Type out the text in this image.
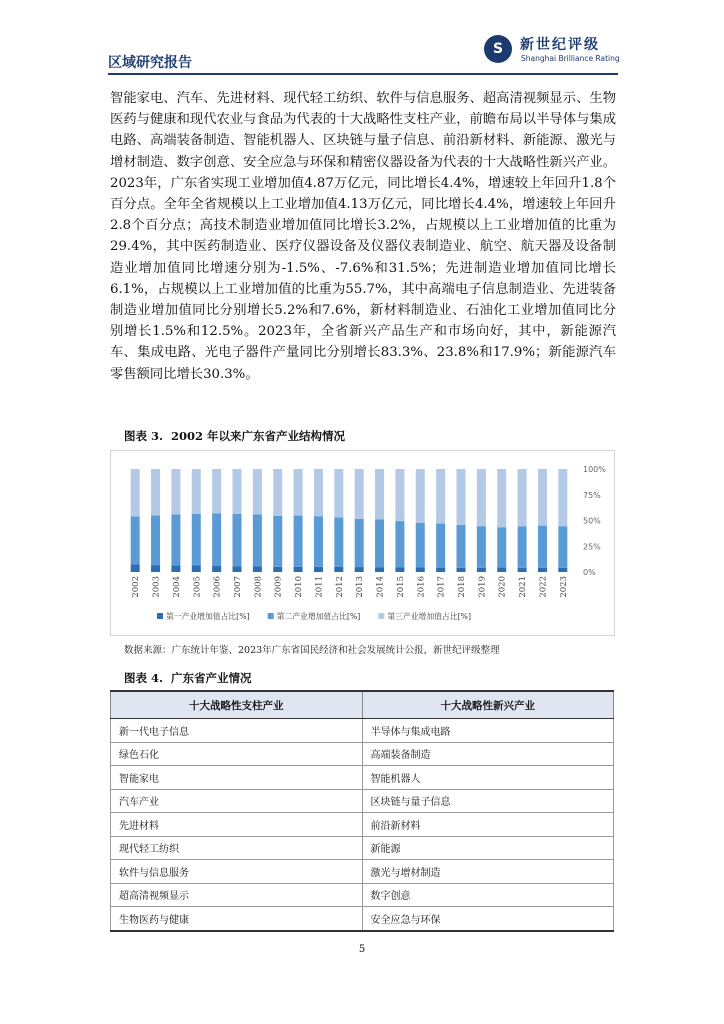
区域研究报告
S	新世纪评级
Shanghai Brilliance Rating

智能家电、汽车、先进材料、现代轻工纺织、软件与信息服务、超高清视频显示、生物医药与健康和现代农业与食品为代表的十大战略性支柱产业，前瞻布局以半导体与集成电路、高端装备制造、智能机器人、区块链与量子信息、前沿新材料、新能源、激光与增材制造、数字创意、安全应急与环保和精密仪器设备为代表的十大战略性新兴产业。2023年，广东省实现工业增加值4.87万亿元，同比增长4.4%，增速较上年回升1.8个百分点。全年全省规模以上工业增加值4.13万亿元，同比增长4.4%，增速较上年回升2.8个百分点；高技术制造业增加值同比增长3.2%，占规模以上工业增加值的比重为29.4%，其中医药制造业、医疗仪器设备及仪器仪表制造业、航空、航天器及设备制造业增加值同比增速分别为-1.5%、-7.6%和31.5%；先进制造业增加值同比增长6.1%，占规模以上工业增加值的比重为55.7%，其中高端电子信息制造业、先进装备制造业增加值同比分别增长5.2%和7.6%，新材料制造业、石油化工业增加值同比分别增长1.5%和12.5%。2023年，全省新兴产品生产和市场向好，其中，新能源汽车、集成电路、光电子器件产量同比分别增长83.3%、23.8%和17.9%；新能源汽车零售额同比增长30.3%。

图表 3. 2002 年以来广东省产业结构情况
0%
25%
50%
75%
100%
2002 2003 2004 2005 2006 2007 2008 2009 2010 2011 2012 2013 2014 2015 2016 2017 2018 2019 2020 2021 2022 2023
第一产业增加值占比[%]	第二产业增加值占比[%]	第三产业增加值占比[%]
数据来源：广东统计年鉴、2023年广东省国民经济和社会发展统计公报，新世纪评级整理
图表 4. 广东省产业情况
十大战略性支柱产业	十大战略性新兴产业
新一代电子信息	半导体与集成电路
绿色石化	高端装备制造
智能家电	智能机器人
汽车产业	区块链与量子信息
先进材料	前沿新材料
现代轻工纺织	新能源
软件与信息服务	激光与增材制造
超高清视频显示	数字创意
生物医药与健康	安全应急与环保
5
